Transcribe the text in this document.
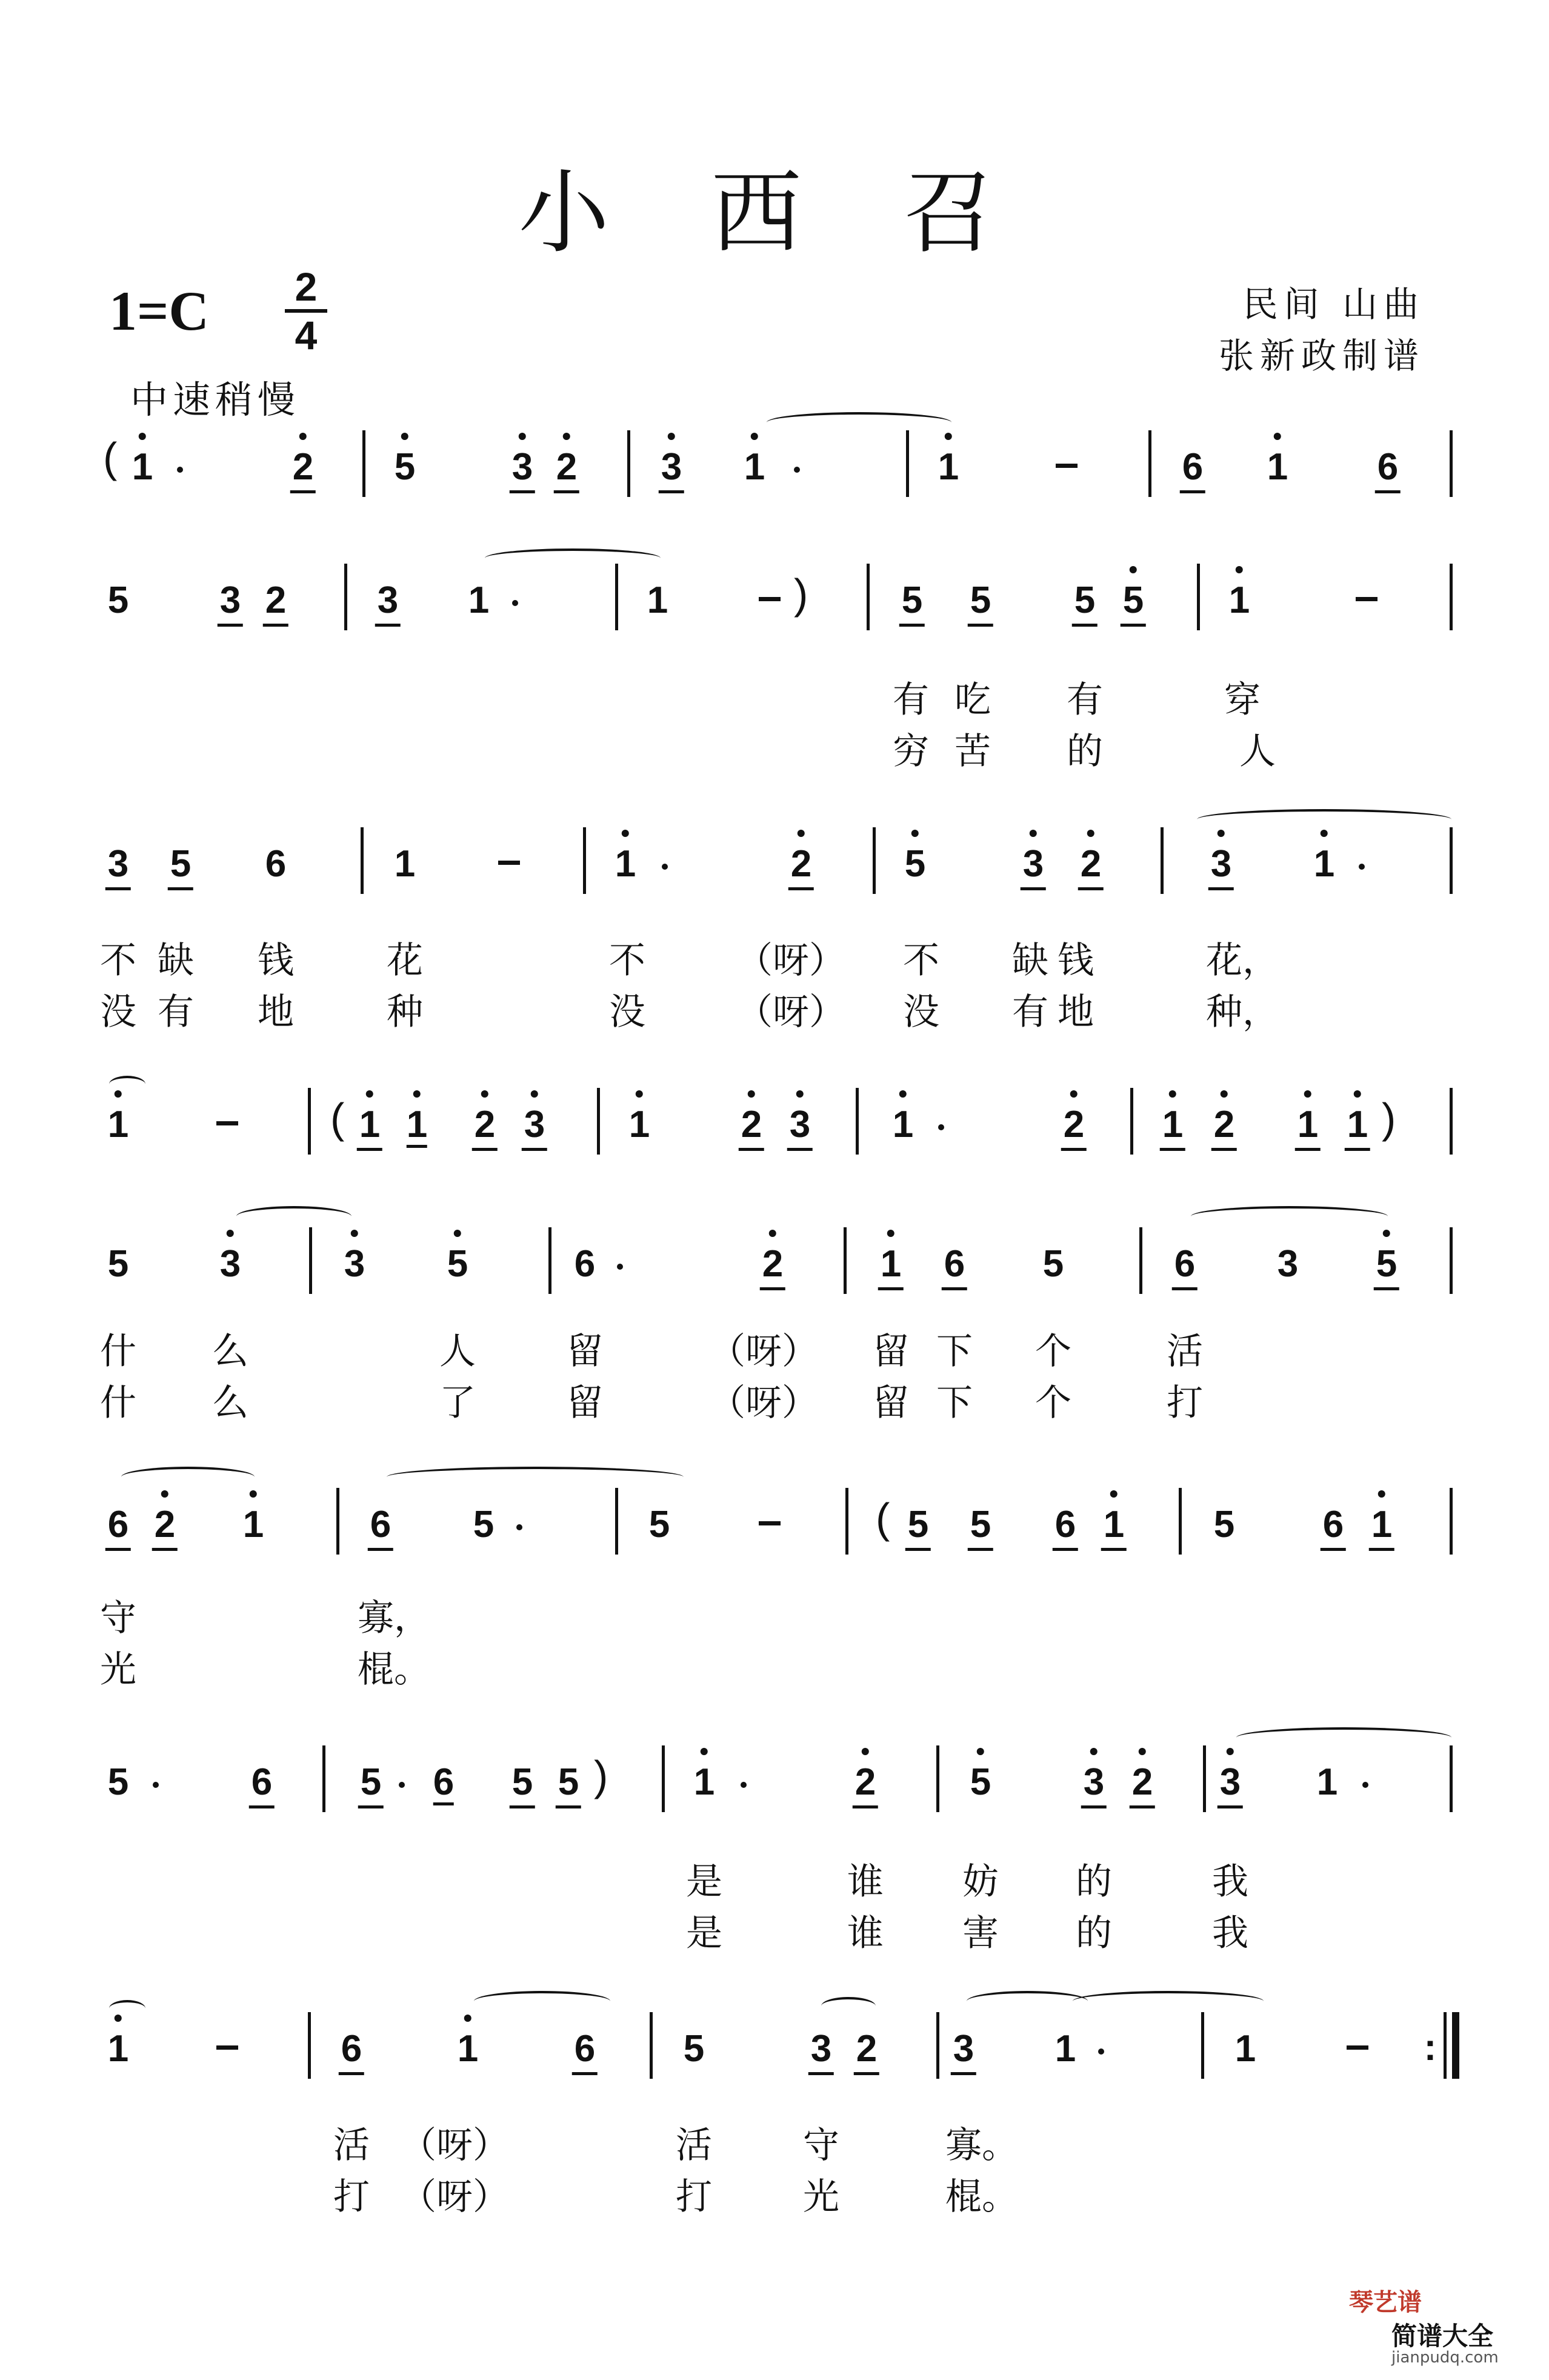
小 西 召
1=C 2
4
民间 山曲
张新政制谱
中速稍慢
( 1	2 5	3 2 3 1	1	6 1 6
5 3 2 3 1	1	) 5 5 5 5 1
有 吃 有	穿
穷 苦 的	人
3 5 6	1	1	2 5	3 2	3 1
不 缺 钱	花	不	（呀） 不 缺 钱	花，
没 有 地	种	没	（呀） 没 有 地	种，
1	( 1 1 2 3 1 2 3 1	2 1 2 1 1 )
5 3	3 5	6	2	1 6 5	6 3 5
什 么	人	留	（呀） 留 下 个	活
什 么	了	留	（呀） 留 下 个	打
6 2 1	6 5	5	( 5 5 6 1 5 6 1
守	寡，
光	棍。
5	6 5 6 5 5 ) 1	2	5 3 2 3 1
是	谁 妨 的	我
是	谁 害 的	我
1	6	1	6 5	3 2 3 1	1	:
活 （呀）	活	守	寡。
打 （呀）	打	光	棍。
琴艺谱
简谱大全
jianpudq.com
